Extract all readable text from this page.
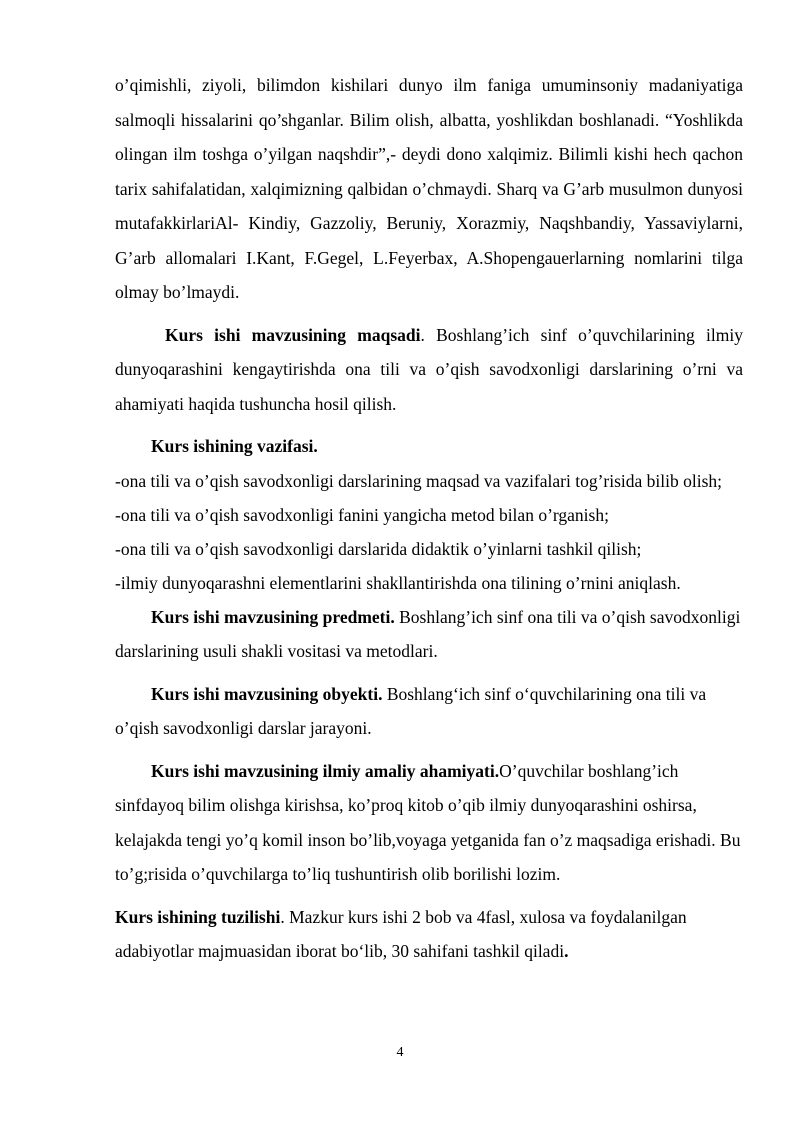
o’qimishli, ziyoli, bilimdon kishilari dunyo ilm faniga umuminsoniy madaniyatiga salmoqli hissalarini qo’shganlar. Bilim olish, albatta, yoshlikdan boshlanadi. “Yoshlikda olingan ilm toshga o’yilgan naqshdir”,- deydi dono xalqimiz. Bilimli kishi hech qachon tarix sahifalatidan, xalqimizning qalbidan o’chmaydi. Sharq va G’arb musulmon dunyosi mutafakkirlariAl- Kindiy, Gazzoliy, Beruniy, Xorazmiy, Naqshbandiy, Yassaviylarni, G’arb allomalari I.Kant, F.Gegel, L.Feyerbax, A.Shopengauerlarning nomlarini tilga olmay bo’lmaydi.

Kurs ishi mavzusining maqsadi. Boshlang’ich sinf o’quvchilarining ilmiy dunyoqarashini kengaytirishda ona tili va o’qish savodxonligi darslarining o’rni va ahamiyati haqida tushuncha hosil qilish.

Kurs ishining vazifasi.

-ona tili va o’qish savodxonligi darslarining maqsad va vazifalari tog’risida bilib olish;

-ona tili va o’qish savodxonligi fanini yangicha metod bilan o’rganish;

-ona tili va o’qish savodxonligi darslarida didaktik o’yinlarni tashkil qilish;

-ilmiy dunyoqarashni elementlarini shakllantirishda ona tilining o’rnini aniqlash.

Kurs ishi mavzusining predmeti. Boshlang’ich sinf ona tili va o’qish savodxonligi darslarining usuli shakli vositasi va metodlari.

Kurs ishi mavzusining obyekti. Boshlang‘ich sinf o‘quvchilarining ona tili va o’qish savodxonligi darslar jarayoni.

Kurs ishi mavzusining ilmiy amaliy ahamiyati.O’quvchilar boshlang’ich sinfdayoq bilim olishga kirishsa, ko’proq kitob o’qib ilmiy dunyoqarashini oshirsa, kelajakda tengi yo’q komil inson bo’lib,voyaga yetganida fan o’z maqsadiga erishadi. Bu to’g;risida o’quvchilarga to’liq tushuntirish olib borilishi lozim.

Kurs ishining tuzilishi. Mazkur kurs ishi 2 bob va 4fasl, xulosa va foydalanilgan adabiyotlar majmuasidan iborat bo‘lib, 30 sahifani tashkil qiladi.

4
